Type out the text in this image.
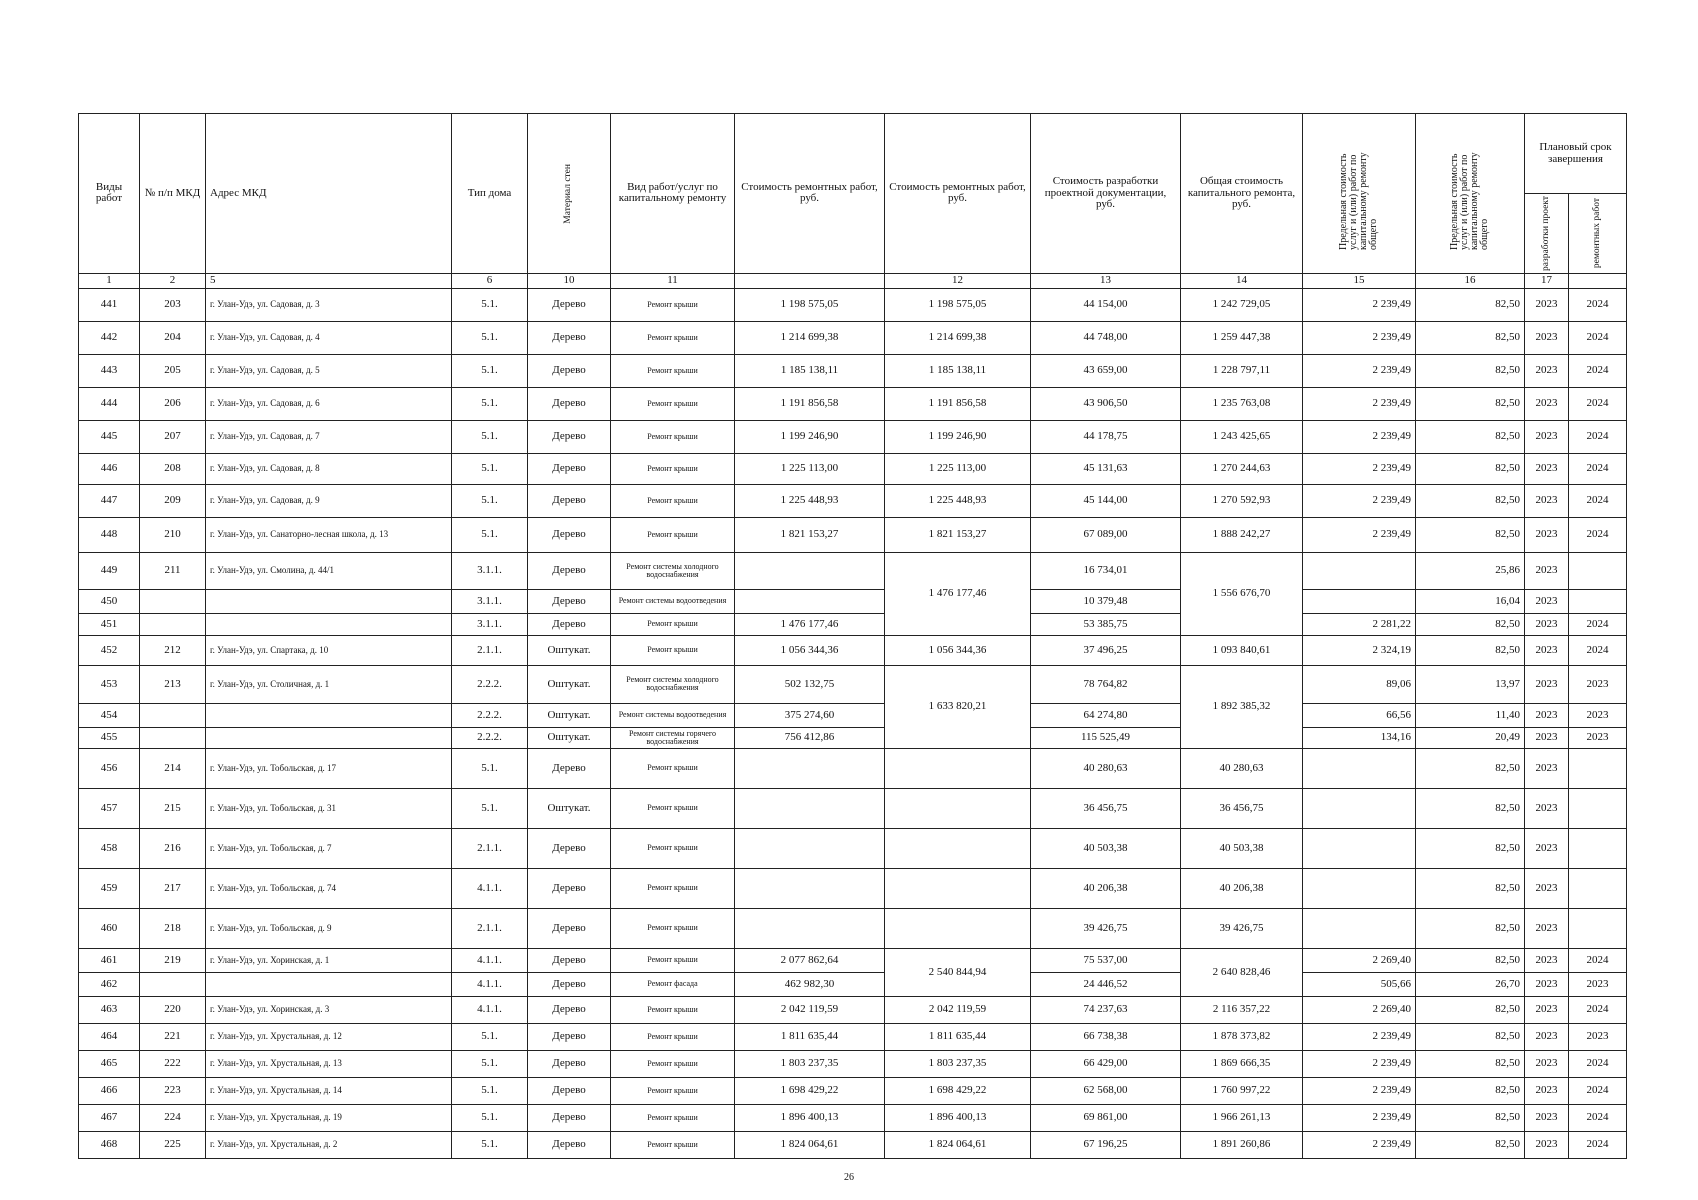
Виды работ	№ п/п МКД	Адрес МКД	Тип дома	Материал стен	Вид работ/услуг по капитальному ремонту	Стоимость ремонтных работ, руб.	Стоимость ремонтных работ, руб.	Стоимость разработки проектной документации, руб.	Общая стоимость капитального ремонта, руб.	Предельная стоимость услуг и (или) работ по капитальному ремонту общего	Предельная стоимость услуг и (или) работ по капитальному ремонту общего	Плановый срок завершения	

												разработки проект	ремонтных работ

1	2	5	6	10	11		12	13	14	15	16	17	
441	203	г. Улан-Удэ, ул. Садовая, д. 3	5.1.	Дерево	Ремонт крыши	1 198 575,05	1 198 575,05	44 154,00	1 242 729,05	2 239,49	82,50	2023	2024
442	204	г. Улан-Удэ, ул. Садовая, д. 4	5.1.	Дерево	Ремонт крыши	1 214 699,38	1 214 699,38	44 748,00	1 259 447,38	2 239,49	82,50	2023	2024
443	205	г. Улан-Удэ, ул. Садовая, д. 5	5.1.	Дерево	Ремонт крыши	1 185 138,11	1 185 138,11	43 659,00	1 228 797,11	2 239,49	82,50	2023	2024
444	206	г. Улан-Удэ, ул. Садовая, д. 6	5.1.	Дерево	Ремонт крыши	1 191 856,58	1 191 856,58	43 906,50	1 235 763,08	2 239,49	82,50	2023	2024
445	207	г. Улан-Удэ, ул. Садовая, д. 7	5.1.	Дерево	Ремонт крыши	1 199 246,90	1 199 246,90	44 178,75	1 243 425,65	2 239,49	82,50	2023	2024
446	208	г. Улан-Удэ, ул. Садовая, д. 8	5.1.	Дерево	Ремонт крыши	1 225 113,00	1 225 113,00	45 131,63	1 270 244,63	2 239,49	82,50	2023	2024
447	209	г. Улан-Удэ, ул. Садовая, д. 9	5.1.	Дерево	Ремонт крыши	1 225 448,93	1 225 448,93	45 144,00	1 270 592,93	2 239,49	82,50	2023	2024
448	210	г. Улан-Удэ, ул. Санаторно-лесная школа, д. 13	5.1.	Дерево	Ремонт крыши	1 821 153,27	1 821 153,27	67 089,00	1 888 242,27	2 239,49	82,50	2023	2024
449	211	г. Улан-Удэ, ул. Смолина, д. 44/1	3.1.1.	Дерево	Ремонт системы холодного водоснабжения		1 476 177,46	16 734,01	1 556 676,70		25,86	2023	
450			3.1.1.	Дерево	Ремонт системы водоотведения			10 379,48			16,04	2023	
451			3.1.1.	Дерево	Ремонт крыши	1 476 177,46		53 385,75		2 281,22	82,50	2023	2024
452	212	г. Улан-Удэ, ул. Спартака, д. 10	2.1.1.	Оштукат.	Ремонт крыши	1 056 344,36	1 056 344,36	37 496,25	1 093 840,61	2 324,19	82,50	2023	2024
453	213	г. Улан-Удэ, ул. Столичная, д. 1	2.2.2.	Оштукат.	Ремонт системы холодного водоснабжения	502 132,75	1 633 820,21	78 764,82	1 892 385,32	89,06	13,97	2023	2023
454			2.2.2.	Оштукат.	Ремонт системы водоотведения	375 274,60		64 274,80		66,56	11,40	2023	2023
455			2.2.2.	Оштукат.	Ремонт системы горячего водоснабжения	756 412,86		115 525,49		134,16	20,49	2023	2023
456	214	г. Улан-Удэ, ул. Тобольская, д. 17	5.1.	Дерево	Ремонт крыши			40 280,63	40 280,63		82,50	2023	
457	215	г. Улан-Удэ, ул. Тобольская, д. 31	5.1.	Оштукат.	Ремонт крыши			36 456,75	36 456,75		82,50	2023	
458	216	г. Улан-Удэ, ул. Тобольская, д. 7	2.1.1.	Дерево	Ремонт крыши			40 503,38	40 503,38		82,50	2023	
459	217	г. Улан-Удэ, ул. Тобольская, д. 74	4.1.1.	Дерево	Ремонт крыши			40 206,38	40 206,38		82,50	2023	
460	218	г. Улан-Удэ, ул. Тобольская, д. 9	2.1.1.	Дерево	Ремонт крыши			39 426,75	39 426,75		82,50	2023	
461	219	г. Улан-Удэ, ул. Хоринская, д. 1	4.1.1.	Дерево	Ремонт крыши	2 077 862,64	2 540 844,94	75 537,00	2 640 828,46	2 269,40	82,50	2023	2024
462			4.1.1.	Дерево	Ремонт фасада	462 982,30		24 446,52		505,66	26,70	2023	2023
463	220	г. Улан-Удэ, ул. Хоринская, д. 3	4.1.1.	Дерево	Ремонт крыши	2 042 119,59	2 042 119,59	74 237,63	2 116 357,22	2 269,40	82,50	2023	2024
464	221	г. Улан-Удэ, ул. Хрустальная, д. 12	5.1.	Дерево	Ремонт крыши	1 811 635,44	1 811 635,44	66 738,38	1 878 373,82	2 239,49	82,50	2023	2023
465	222	г. Улан-Удэ, ул. Хрустальная, д. 13	5.1.	Дерево	Ремонт крыши	1 803 237,35	1 803 237,35	66 429,00	1 869 666,35	2 239,49	82,50	2023	2024
466	223	г. Улан-Удэ, ул. Хрустальная, д. 14	5.1.	Дерево	Ремонт крыши	1 698 429,22	1 698 429,22	62 568,00	1 760 997,22	2 239,49	82,50	2023	2024
467	224	г. Улан-Удэ, ул. Хрустальная, д. 19	5.1.	Дерево	Ремонт крыши	1 896 400,13	1 896 400,13	69 861,00	1 966 261,13	2 239,49	82,50	2023	2024
468	225	г. Улан-Удэ, ул. Хрустальная, д. 2	5.1.	Дерево	Ремонт крыши	1 824 064,61	1 824 064,61	67 196,25	1 891 260,86	2 239,49	82,50	2023	2024
26
